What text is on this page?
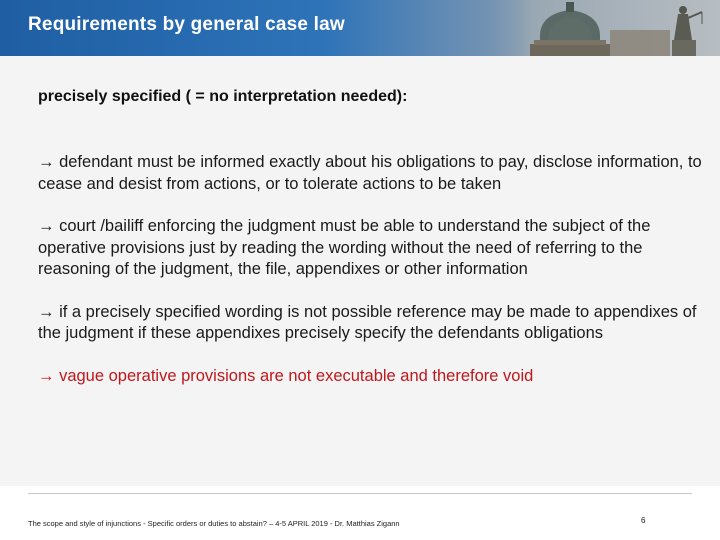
Requirements by general case law
precisely specified ( = no interpretation needed):
→ defendant must be informed exactly about his obligations to pay, disclose information, to cease and desist from actions, or to tolerate actions to be taken
→ court /bailiff enforcing the judgment must be able to understand the subject of the operative provisions just by reading the wording without the need of referring to the reasoning of the judgment, the file, appendixes or other information
→ if a precisely specified wording is not possible reference may be made to appendixes of the judgment if these appendixes precisely specify the defendants obligations
→ vague operative provisions are not executable and therefore void
The scope and style of injunctions - Specific orders or duties to abstain? – 4-5 APRIL 2019 - Dr. Matthias Zigann	6
